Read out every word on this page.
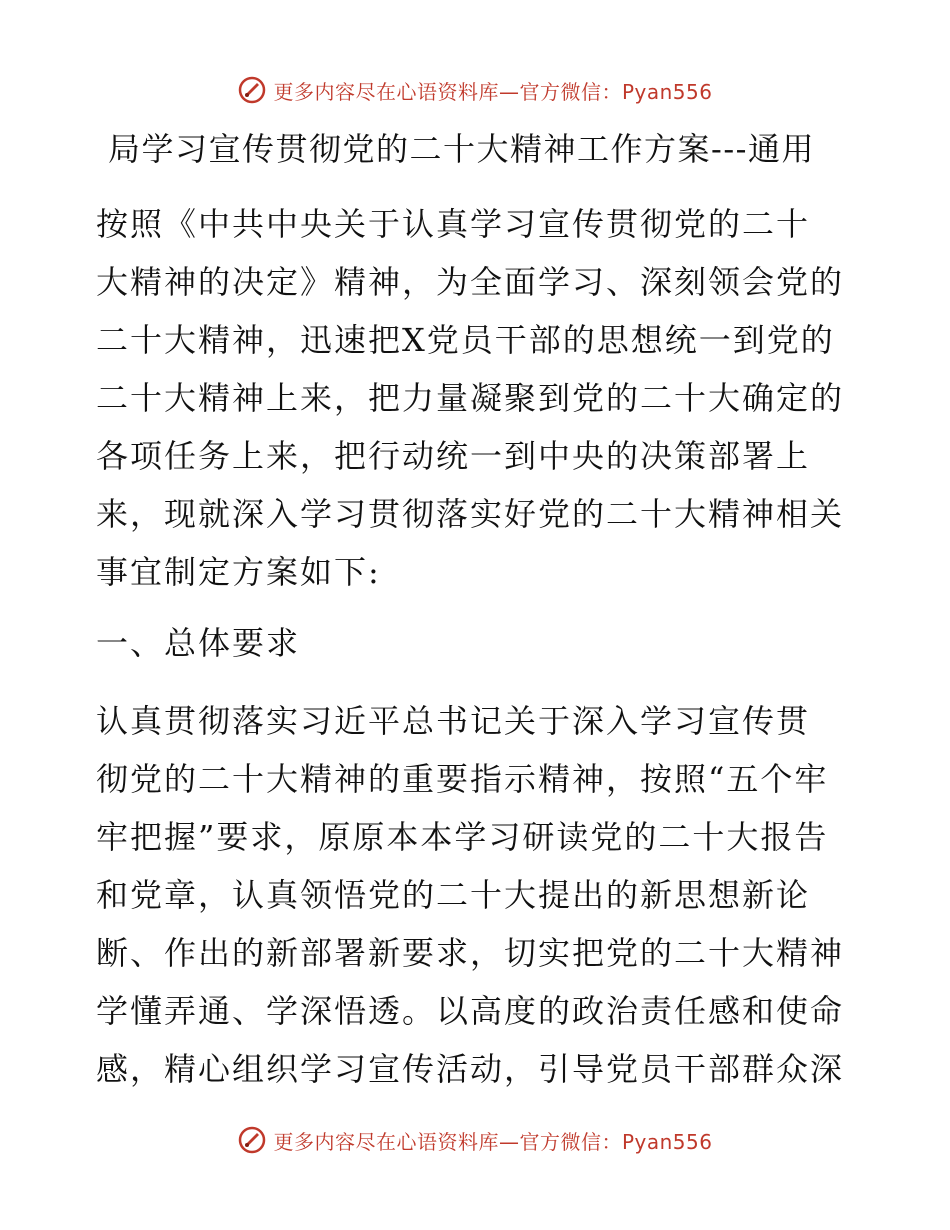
更多内容尽在心语资料库 —官方微信：Pyan556
局学习宣传贯彻党的二十大精神工作方案---通用
按照《中共中央关于认真学习宣传贯彻党的二十
大精神的决定》精神，为全面学习、深刻领会党的
二十大精神，迅速把X党员干部的思想统一到党的
二十大精神上来，把力量凝聚到党的二十大确定的
各项任务上来，把行动统一到中央的决策部署上
来，现就深入学习贯彻落实好党的二十大精神相关
事宜制定方案如下:
一、总体要求
认真贯彻落实习近平总书记关于深入学习宣传贯
彻党的二十大精神的重要指示精神，按照“五个牢
牢把握”要求，原原本本学习研读党的二十大报告
和党章，认真领悟党的二十大提出的新思想新论
断、作出的新部署新要求，切实把党的二十大精神
学懂弄通、学深悟透。以高度的政治责任感和使命
感，精心组织学习宣传活动，引导党员干部群众深
更多内容尽在心语资料库 —官方微信：Pyan556
